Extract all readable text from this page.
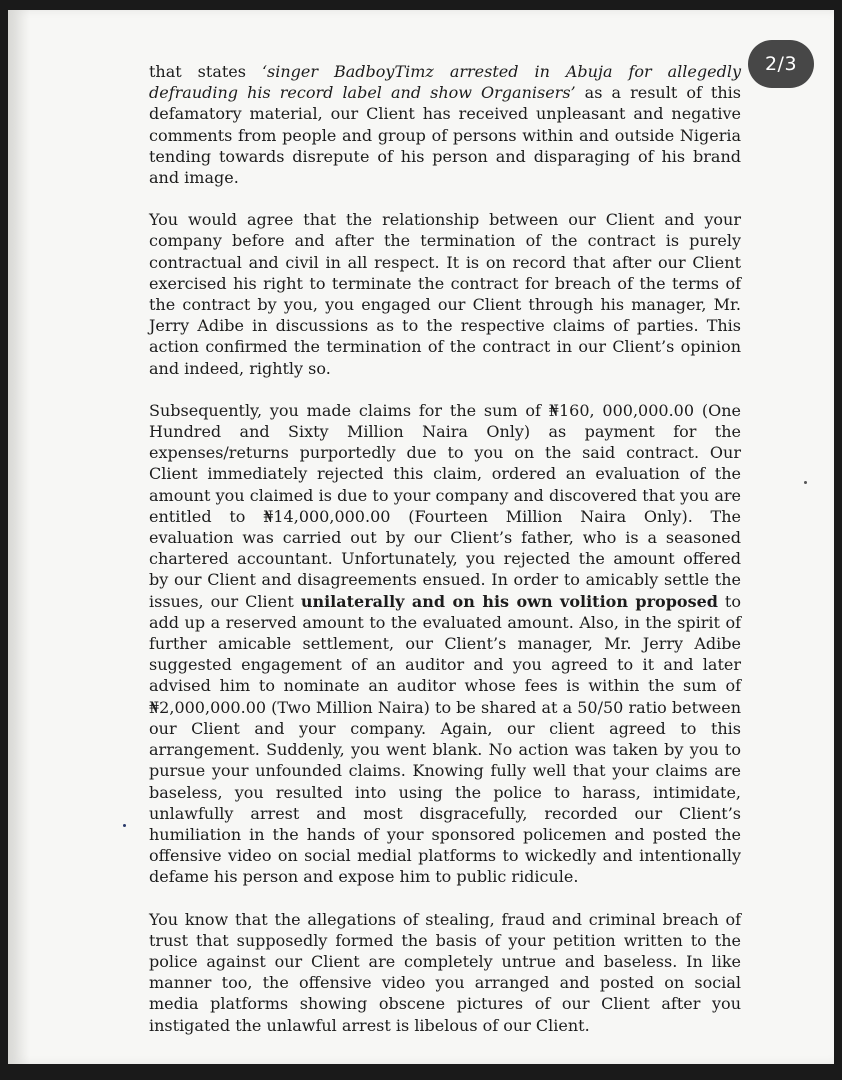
that states ‘singer BadboyTimz arrested in Abuja for allegedly defrauding his record label and show Organisers’ as a result of this defamatory material, our Client has received unpleasant and negative comments from people and group of persons within and outside Nigeria tending towards disrepute of his person and disparaging of his brand and image.

You would agree that the relationship between our Client and your company before and after the termination of the contract is purely contractual and civil in all respect. It is on record that after our Client exercised his right to terminate the contract for breach of the terms of the contract by you, you engaged our Client through his manager, Mr. Jerry Adibe in discussions as to the respective claims of parties. This action confirmed the termination of the contract in our Client’s opinion and indeed, rightly so.

Subsequently, you made claims for the sum of ₦160, 000,000.00 (One Hundred and Sixty Million Naira Only) as payment for the expenses/returns purportedly due to you on the said contract. Our Client immediately rejected this claim, ordered an evaluation of the amount you claimed is due to your company and discovered that you are entitled to ₦14,000,000.00 (Fourteen Million Naira Only). The evaluation was carried out by our Client’s father, who is a seasoned chartered accountant. Unfortunately, you rejected the amount offered by our Client and disagreements ensued. In order to amicably settle the issues, our Client unilaterally and on his own volition proposed to add up a reserved amount to the evaluated amount. Also, in the spirit of further amicable settlement, our Client’s manager, Mr. Jerry Adibe suggested engagement of an auditor and you agreed to it and later advised him to nominate an auditor whose fees is within the sum of ₦2,000,000.00 (Two Million Naira) to be shared at a 50/50 ratio between our Client and your company. Again, our client agreed to this arrangement. Suddenly, you went blank. No action was taken by you to pursue your unfounded claims. Knowing fully well that your claims are baseless, you resulted into using the police to harass, intimidate, unlawfully arrest and most disgracefully, recorded our Client’s humiliation in the hands of your sponsored policemen and posted the offensive video on social medial platforms to wickedly and intentionally defame his person and expose him to public ridicule.

You know that the allegations of stealing, fraud and criminal breach of trust that supposedly formed the basis of your petition written to the police against our Client are completely untrue and baseless. In like manner too, the offensive video you arranged and posted on social media platforms showing obscene pictures of our Client after you instigated the unlawful arrest is libelous of our Client.

2/3
